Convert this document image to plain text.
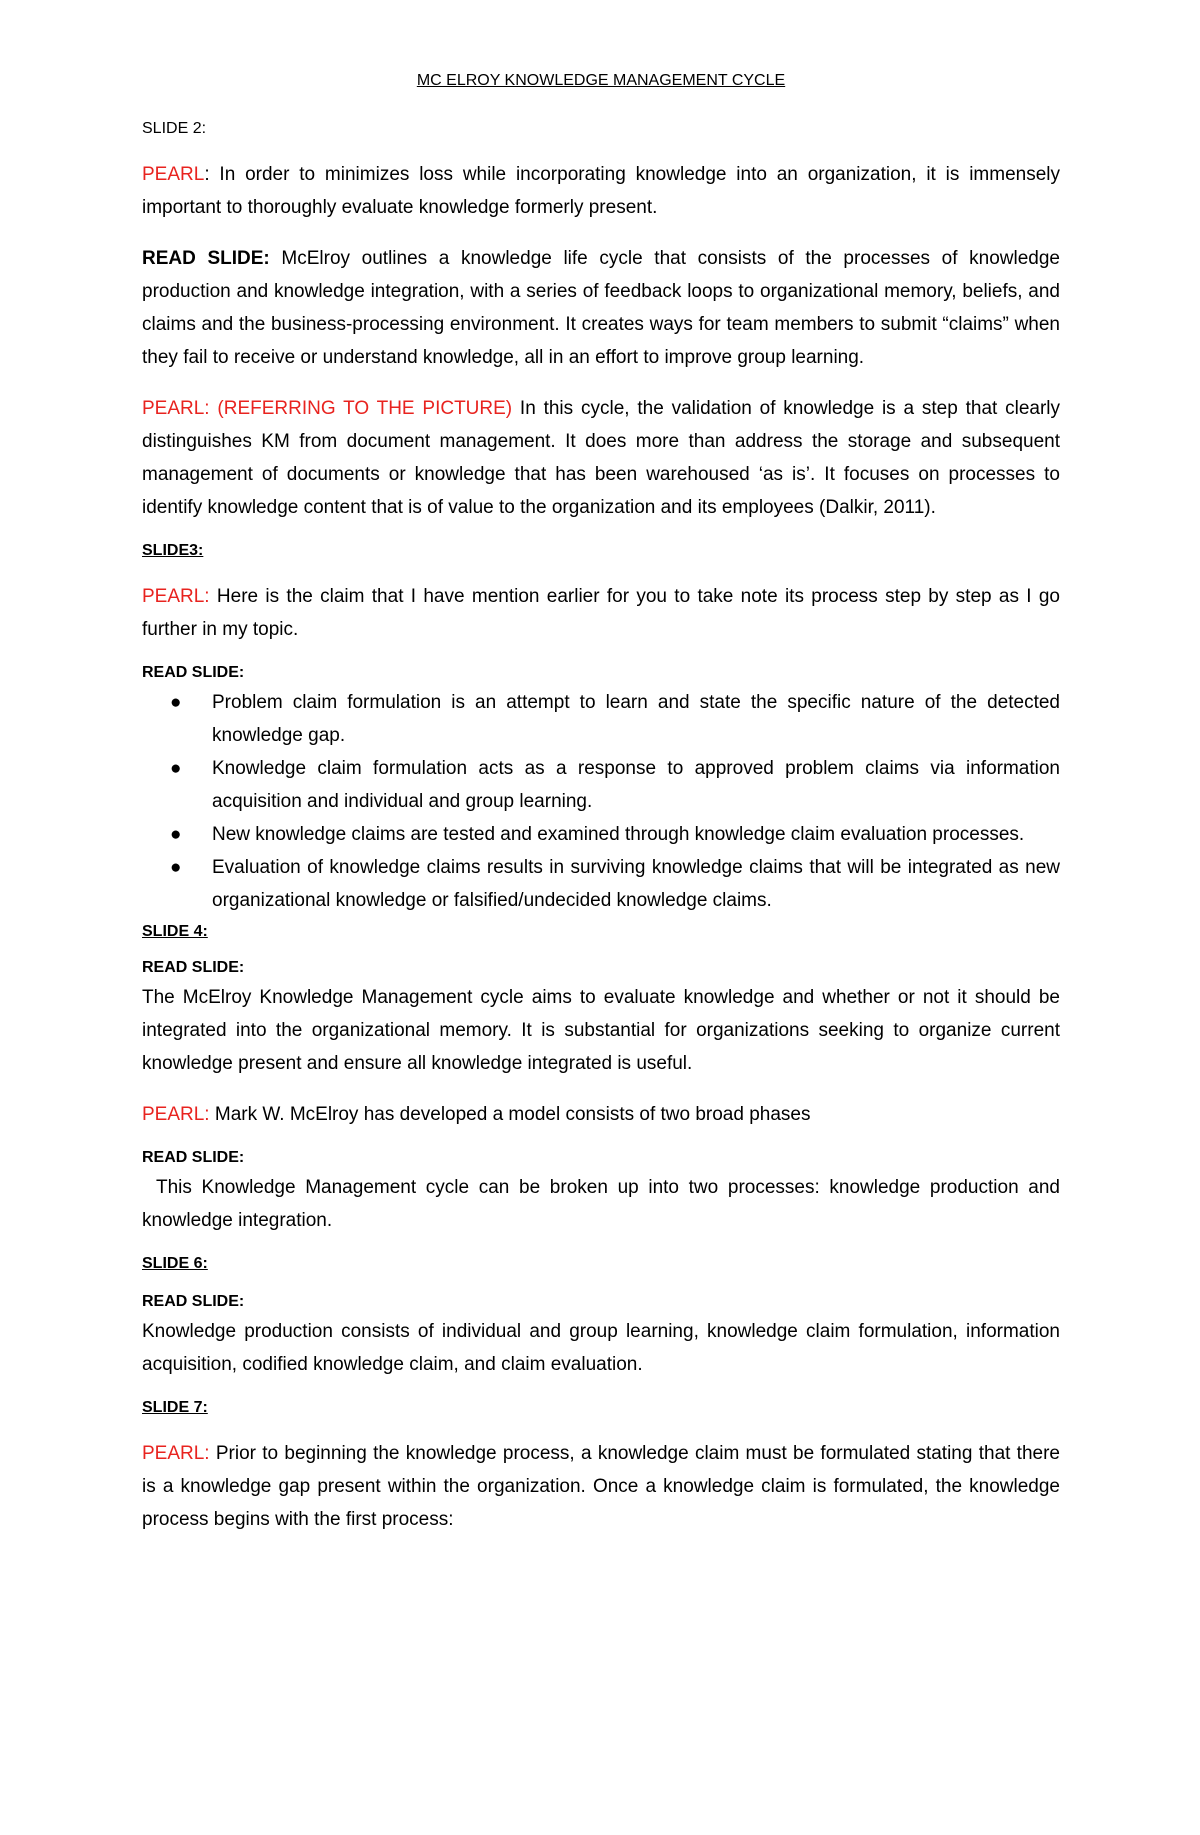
MC ELROY KNOWLEDGE MANAGEMENT CYCLE
SLIDE 2:

PEARL: In order to minimizes loss while incorporating knowledge into an organization, it is immensely important to thoroughly evaluate knowledge formerly present.

READ SLIDE: McElroy outlines a knowledge life cycle that consists of the processes of knowledge production and knowledge integration, with a series of feedback loops to organizational memory, beliefs, and claims and the business-processing environment. It creates ways for team members to submit “claims” when they fail to receive or understand knowledge, all in an effort to improve group learning.

PEARL: (REFERRING TO THE PICTURE) In this cycle, the validation of knowledge is a step that clearly distinguishes KM from document management. It does more than address the storage and subsequent management of documents or knowledge that has been warehoused ‘as is’. It focuses on processes to identify knowledge content that is of value to the organization and its employees (Dalkir, 2011).

SLIDE3:

PEARL: Here is the claim that I have mention earlier for you to take note its process step by step as I go further in my topic.

READ SLIDE:
● Problem claim formulation is an attempt to learn and state the specific nature of the detected knowledge gap.
● Knowledge claim formulation acts as a response to approved problem claims via information acquisition and individual and group learning.
● New knowledge claims are tested and examined through knowledge claim evaluation processes.
● Evaluation of knowledge claims results in surviving knowledge claims that will be integrated as new organizational knowledge or falsified/undecided knowledge claims.
SLIDE 4:
READ SLIDE:

The McElroy Knowledge Management cycle aims to evaluate knowledge and whether or not it should be integrated into the organizational memory. It is substantial for organizations seeking to organize current knowledge present and ensure all knowledge integrated is useful.

PEARL: Mark W. McElroy has developed a model consists of two broad phases

READ SLIDE:

This Knowledge Management cycle can be broken up into two processes: knowledge production and knowledge integration.

SLIDE 6:
READ SLIDE:

Knowledge production consists of individual and group learning, knowledge claim formulation, information acquisition, codified knowledge claim, and claim evaluation.

SLIDE 7:

PEARL: Prior to beginning the knowledge process, a knowledge claim must be formulated stating that there is a knowledge gap present within the organization. Once a knowledge claim is formulated, the knowledge process begins with the first process:
